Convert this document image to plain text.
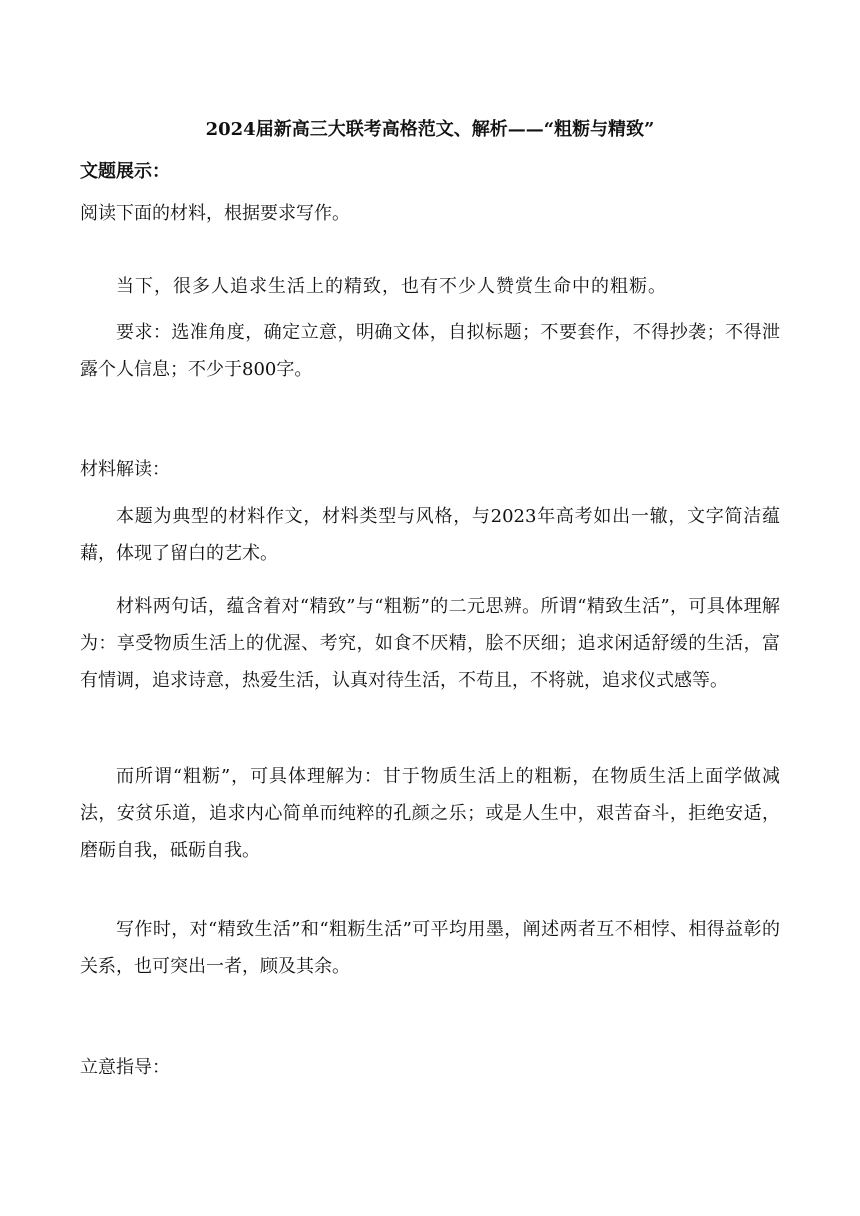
2024届新高三大联考高格范文、解析——“粗粝与精致”
文题展示：
阅读下面的材料，根据要求写作。
当下，很多人追求生活上的精致，也有不少人赞赏生命中的粗粝。
要求：选准角度，确定立意，明确文体，自拟标题；不要套作，不得抄袭；不得泄露个人信息；不少于800字。
材料解读：
本题为典型的材料作文，材料类型与风格，与2023年高考如出一辙，文字简洁蕴藉，体现了留白的艺术。
材料两句话，蕴含着对“精致”与“粗粝”的二元思辨。所谓“精致生活”，可具体理解为：享受物质生活上的优渥、考究，如食不厌精，脍不厌细；追求闲适舒缓的生活，富有情调，追求诗意，热爱生活，认真对待生活，不苟且，不将就，追求仪式感等。
而所谓“粗粝”，可具体理解为：甘于物质生活上的粗粝，在物质生活上面学做减法，安贫乐道，追求内心简单而纯粹的孔颜之乐；或是人生中，艰苦奋斗，拒绝安适，磨砺自我，砥砺自我。
写作时，对“精致生活”和“粗粝生活”可平均用墨，阐述两者互不相悖、相得益彰的关系，也可突出一者，顾及其余。
立意指导：
